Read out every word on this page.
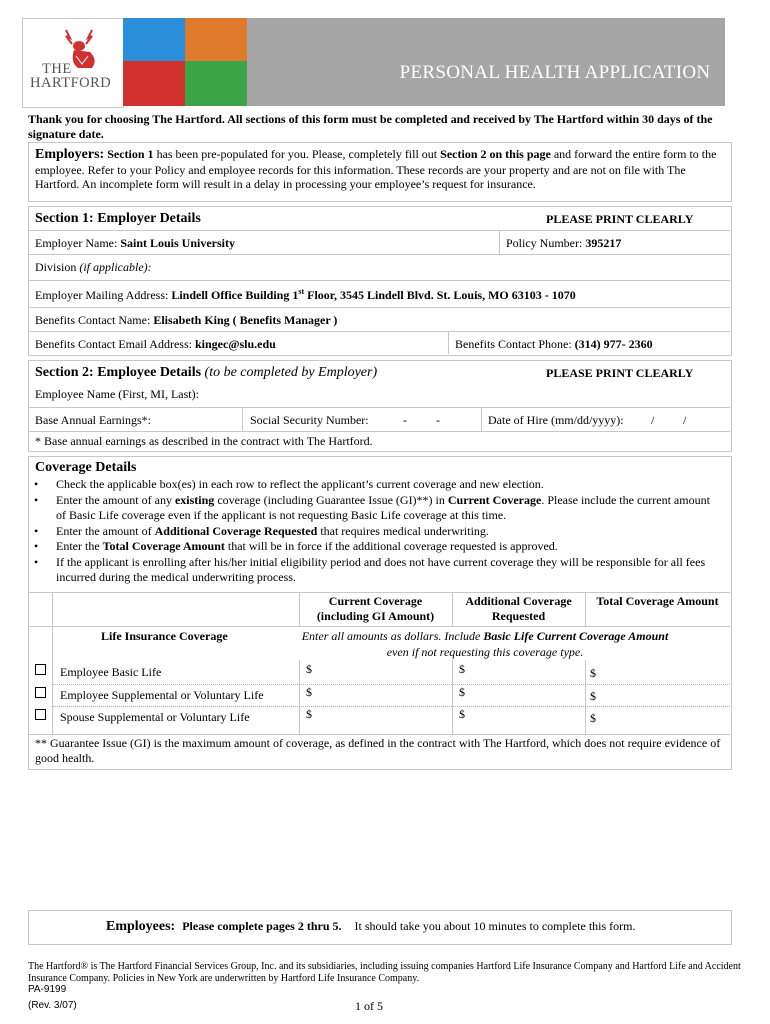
THE
HARTFORD	PERSONAL HEALTH APPLICATION
Thank you for choosing The Hartford. All sections of this form must be completed and received by The Hartford within 30 days of the signature date.
Employers: Section 1 has been pre-populated for you. Please, completely fill out Section 2 on this page and forward the entire form to the employee. Refer to your Policy and employee records for this information. These records are your property and are not on file with The Hartford. An incomplete form will result in a delay in processing your employee’s request for insurance.
Section 1: Employer Details	PLEASE PRINT CLEARLY
Employer Name: Saint Louis University	Policy Number: 395217
Division (if applicable):
Employer Mailing Address: Lindell Office Building 1st Floor, 3545 Lindell Blvd. St. Louis, MO 63103 - 1070
Benefits Contact Name: Elisabeth King ( Benefits Manager )
Benefits Contact Email Address: kingec@slu.edu	Benefits Contact Phone: (314) 977- 2360
Section 2: Employee Details (to be completed by Employer)	PLEASE PRINT CLEARLY
Employee Name (First, MI, Last):
Base Annual Earnings*:	Social Security Number:	- -	Date of Hire (mm/dd/yyyy): / /
* Base annual earnings as described in the contract with The Hartford.
Coverage Details
• Check the applicable box(es) in each row to reflect the applicant’s current coverage and new election.
• Enter the amount of any existing coverage (including Guarantee Issue (GI)**) in Current Coverage. Please include the current amount of Basic Life coverage even if the applicant is not requesting Basic Life coverage at this time.
• Enter the amount of Additional Coverage Requested that requires medical underwriting.
• Enter the Total Coverage Amount that will be in force if the additional coverage requested is approved.
• If the applicant is enrolling after his/her initial eligibility period and does not have current coverage they will be responsible for all fees incurred during the medical underwriting process.
Current Coverage
(including GI Amount)
Additional Coverage
Requested
Total Coverage Amount
Life Insurance Coverage	Enter all amounts as dollars. Include Basic Life Current Coverage Amount
even if not requesting this coverage type.
Employee Basic Life	$	$	$
Employee Supplemental or Voluntary Life	$	$	$
Spouse Supplemental or Voluntary Life	$	$	$
** Guarantee Issue (GI) is the maximum amount of coverage, as defined in the contract with The Hartford, which does not require evidence of good health.
Employees: Please complete pages 2 thru 5. It should take you about 10 minutes to complete this form.
The Hartford® is The Hartford Financial Services Group, Inc. and its subsidiaries, including issuing companies Hartford Life Insurance Company and Hartford Life and Accident Insurance Company. Policies in New York are underwritten by Hartford Life Insurance Company.
PA-9199
(Rev. 3/07)	1 of 5
